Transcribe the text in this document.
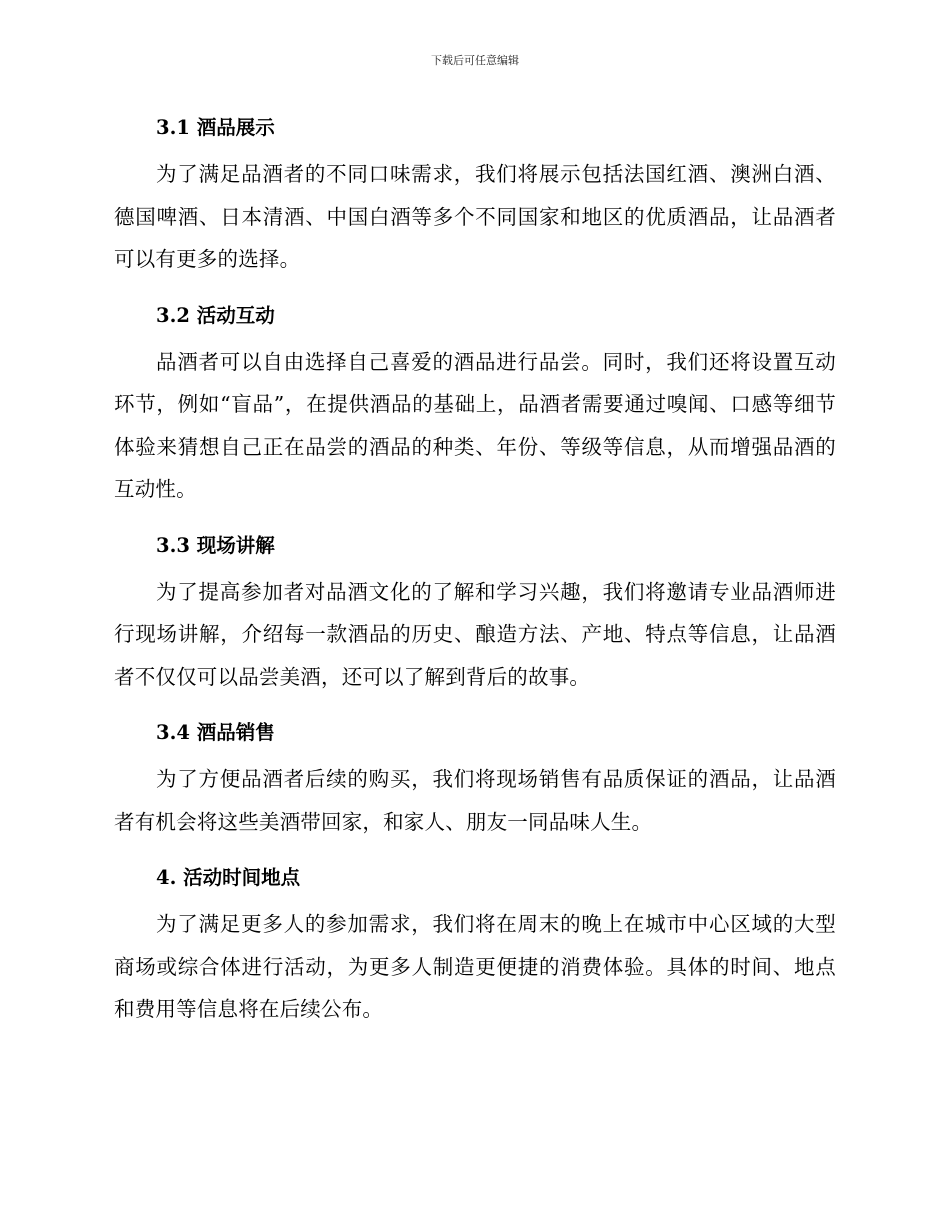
下载后可任意编辑
3.1 酒品展示

为了满足品酒者的不同口味需求，我们将展示包括法国红酒、澳洲白酒、德国啤酒、日本清酒、中国白酒等多个不同国家和地区的优质酒品，让品酒者可以有更多的选择。

3.2 活动互动

品酒者可以自由选择自己喜爱的酒品进行品尝。同时，我们还将设置互动环节，例如“盲品”，在提供酒品的基础上，品酒者需要通过嗅闻、口感等细节体验来猜想自己正在品尝的酒品的种类、年份、等级等信息，从而增强品酒的互动性。

3.3 现场讲解

为了提高参加者对品酒文化的了解和学习兴趣，我们将邀请专业品酒师进行现场讲解，介绍每一款酒品的历史、酿造方法、产地、特点等信息，让品酒者不仅仅可以品尝美酒，还可以了解到背后的故事。

3.4 酒品销售

为了方便品酒者后续的购买，我们将现场销售有品质保证的酒品，让品酒者有机会将这些美酒带回家，和家人、朋友一同品味人生。

4. 活动时间地点

为了满足更多人的参加需求，我们将在周末的晚上在城市中心区域的大型商场或综合体进行活动，为更多人制造更便捷的消费体验。具体的时间、地点和费用等信息将在后续公布。
